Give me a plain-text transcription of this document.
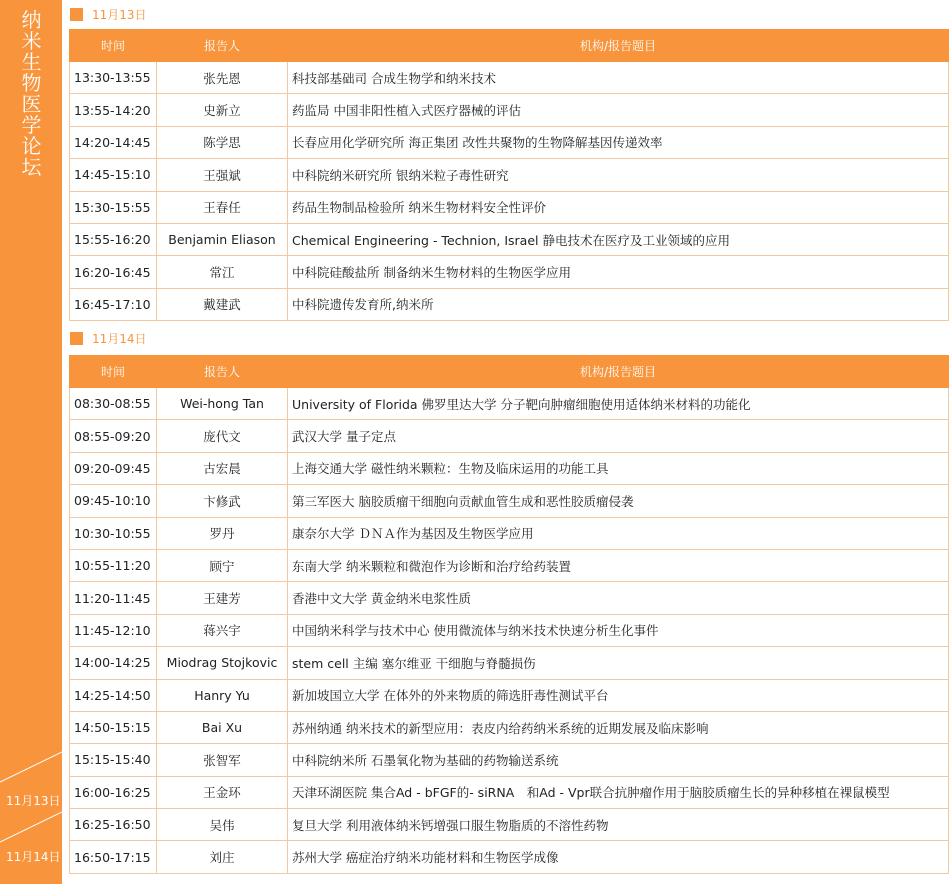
纳米生物医学论坛
11月13日
11月14日
11月13日
时间	报告人	机构/报告题目
13:30-13:55	张先恩	科技部基础司 合成生物学和纳米技术
13:55-14:20	史新立	药监局 中国非阳性植入式医疗器械的评估
14:20-14:45	陈学思	长春应用化学研究所 海正集团 改性共聚物的生物降解基因传递效率
14:45-15:10	王强斌	中科院纳米研究所 银纳米粒子毒性研究
15:30-15:55	王春任	药品生物制品检验所 纳米生物材料安全性评价
15:55-16:20	Benjamin Eliason	Chemical Engineering - Technion, Israel 静电技术在医疗及工业领域的应用
16:20-16:45	常江	中科院硅酸盐所 制备纳米生物材料的生物医学应用
16:45-17:10	戴建武	中科院遗传发育所,纳米所
11月14日
时间	报告人	机构/报告题目
08:30-08:55	Wei-hong Tan	University of Florida 佛罗里达大学 分子靶向肿瘤细胞使用适体纳米材料的功能化
08:55-09:20	庞代文	武汉大学 量子定点
09:20-09:45	古宏晨	上海交通大学 磁性纳米颗粒：生物及临床运用的功能工具
09:45-10:10	卞修武	第三军医大 脑胶质瘤干细胞向贡献血管生成和恶性胶质瘤侵袭
10:30-10:55	罗丹	康奈尔大学 ＤＮＡ作为基因及生物医学应用
10:55-11:20	顾宁	东南大学 纳米颗粒和微泡作为诊断和治疗给药装置
11:20-11:45	王建芳	香港中文大学 黄金纳米电浆性质
11:45-12:10	蒋兴宇	中国纳米科学与技术中心 使用微流体与纳米技术快速分析生化事件
14:00-14:25	Miodrag Stojkovic	stem cell 主编 塞尔维亚 干细胞与脊髓损伤
14:25-14:50	Hanry Yu	新加坡国立大学 在体外的外来物质的筛选肝毒性测试平台
14:50-15:15	Bai Xu	苏州纳通 纳米技术的新型应用：表皮内给药纳米系统的近期发展及临床影响
15:15-15:40	张智军	中科院纳米所 石墨氧化物为基础的药物输送系统
16:00-16:25	王金环	天津环湖医院 集合Ad - bFGF的- siRNA　和Ad - Vpr联合抗肿瘤作用于脑胶质瘤生长的异种移植在裸鼠模型
16:25-16:50	吴伟	复旦大学 利用液体纳米钙增强口服生物脂质的不溶性药物
16:50-17:15	刘庄	苏州大学 癌症治疗纳米功能材料和生物医学成像
